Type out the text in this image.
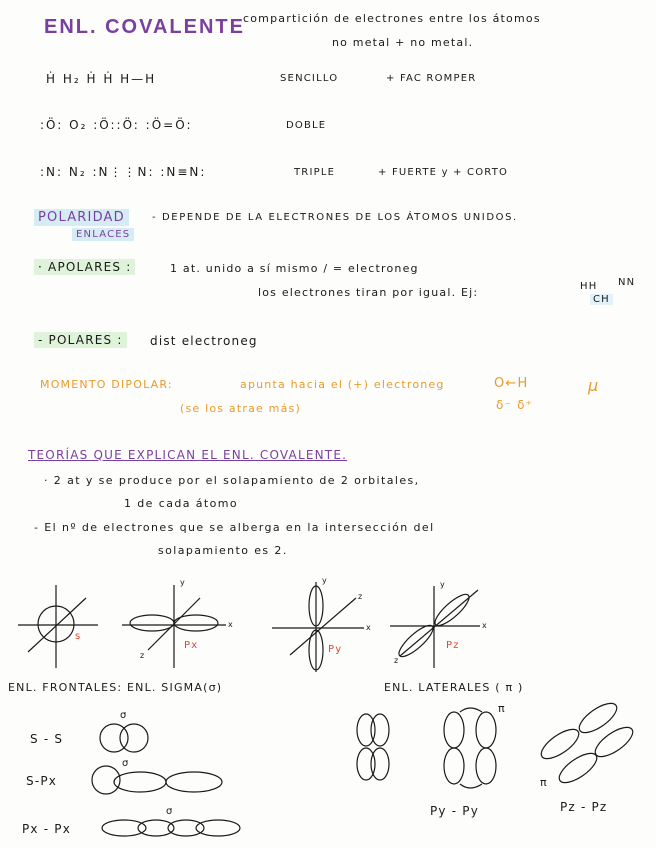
ENL. COVALENTE
compartición de electrones entre los átomos
no metal + no metal.
Ḣ H₂ Ḣ Ḣ H—H	SENCILLO	+ FAC ROMPER
:Ö: O₂ :Ö::Ö: :Ö=Ö:	DOBLE
:N: N₂ :N⋮⋮N: :N≡N:	TRIPLE	+ FUERTE y + CORTO
POLARIDAD
ENLACES
- DEPENDE DE LA ELECTRONES DE LOS ÁTOMOS UNIDOS.
· APOLARES :	1 at. unido a sí mismo / = electroneg
los electrones tiran por igual. Ej:	HH NN
CH
- POLARES :	dist electroneg
MOMENTO DIPOLAR:	apunta hacia el (+) electroneg
(se los atrae más)
O←H
δ⁻ δ⁺
μ
TEORÍAS QUE EXPLICAN EL ENL. COVALENTE.
· 2 at y se produce por el solapamiento de 2 orbitales,
1 de cada átomo
- El nº de electrones que se alberga en la intersección del
solapamiento es 2.
s
Px	Py	Pz
y
x
z
y
x
z
y
x
z
ENL. FRONTALES: ENL. SIGMA(σ)	ENL. LATERALES ( π )
S - S
S-Px
Px - Px
σ
σ
σ
π
π
Py - Py	Pz - Pz
